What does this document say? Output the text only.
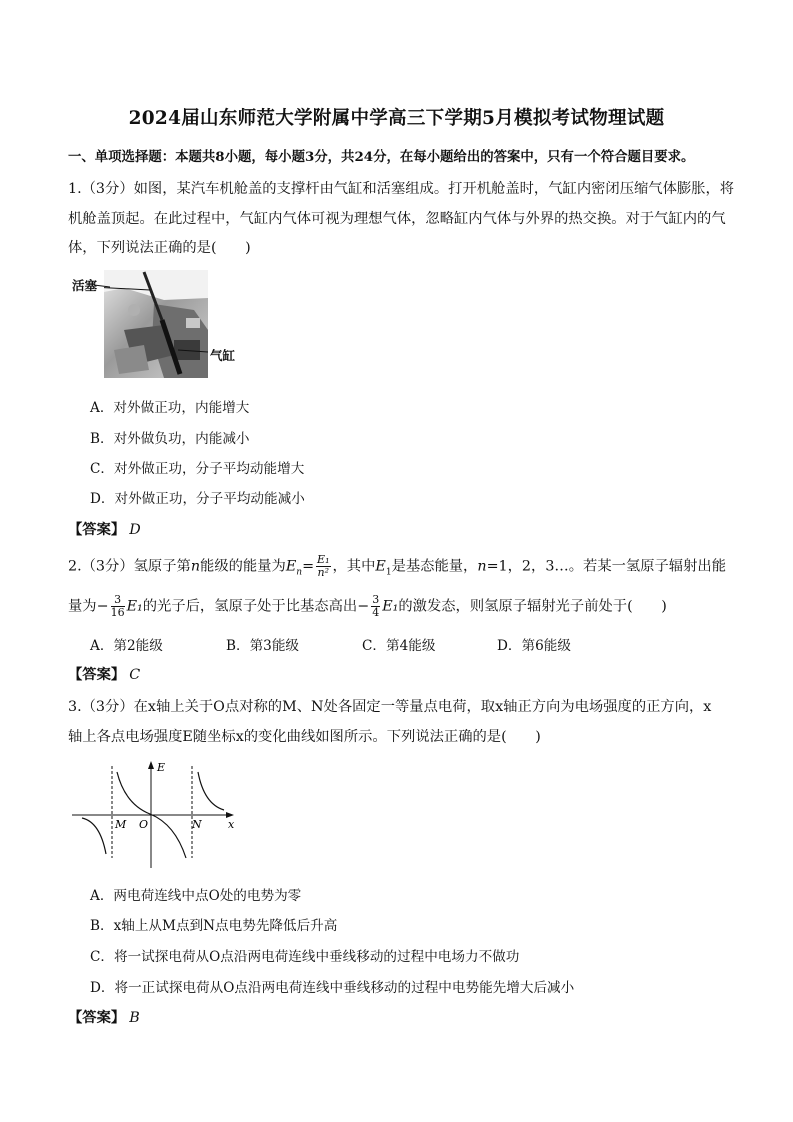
2024届山东师范大学附属中学高三下学期5月模拟考试物理试题
一、单项选择题：本题共8小题，每小题3分，共24分，在每小题给出的答案中，只有一个符合题目要求。
1.（3分）如图，某汽车机舱盖的支撑杆由气缸和活塞组成。打开机舱盖时，气缸内密闭压缩气体膨胀，将
机舱盖顶起。在此过程中，气缸内气体可视为理想气体，忽略缸内气体与外界的热交换。对于气缸内的气
体，下列说法正确的是(　　)
活塞
气缸
A．对外做正功，内能增大
B．对外做负功，内能减小
C．对外做正功，分子平均动能增大
D．对外做正功，分子平均动能减小
【答案】 D
2.（3分）氢原子第n能级的能量为$E_n= \frac{\text{E₁}}{\text{n²}}$ ，其中$E_1$是基态能量，n=1，2，3…。若某一氢原子辐射出能
量为− $\frac{3}{16} E_1$的光子后，氢原子处于比基态高出− $\frac{3}{4} E_1$的激发态，则氢原子辐射光子前处于(　　)
A．第2能级	B．第3能级	C．第4能级	D．第6能级
【答案】 C
3.（3分）在x轴上关于O点对称的M、N处各固定一等量点电荷，取x轴正方向为电场强度的正方向，x
轴上各点电场强度E随坐标x的变化曲线如图所示。下列说法正确的是(　　)
E
M O	N x
A．两电荷连线中点O处的电势为零
B．x轴上从M点到N点电势先降低后升高
C．将一试探电荷从O点沿两电荷连线中垂线移动的过程中电场力不做功
D．将一正试探电荷从O点沿两电荷连线中垂线移动的过程中电势能先增大后减小
【答案】 B
